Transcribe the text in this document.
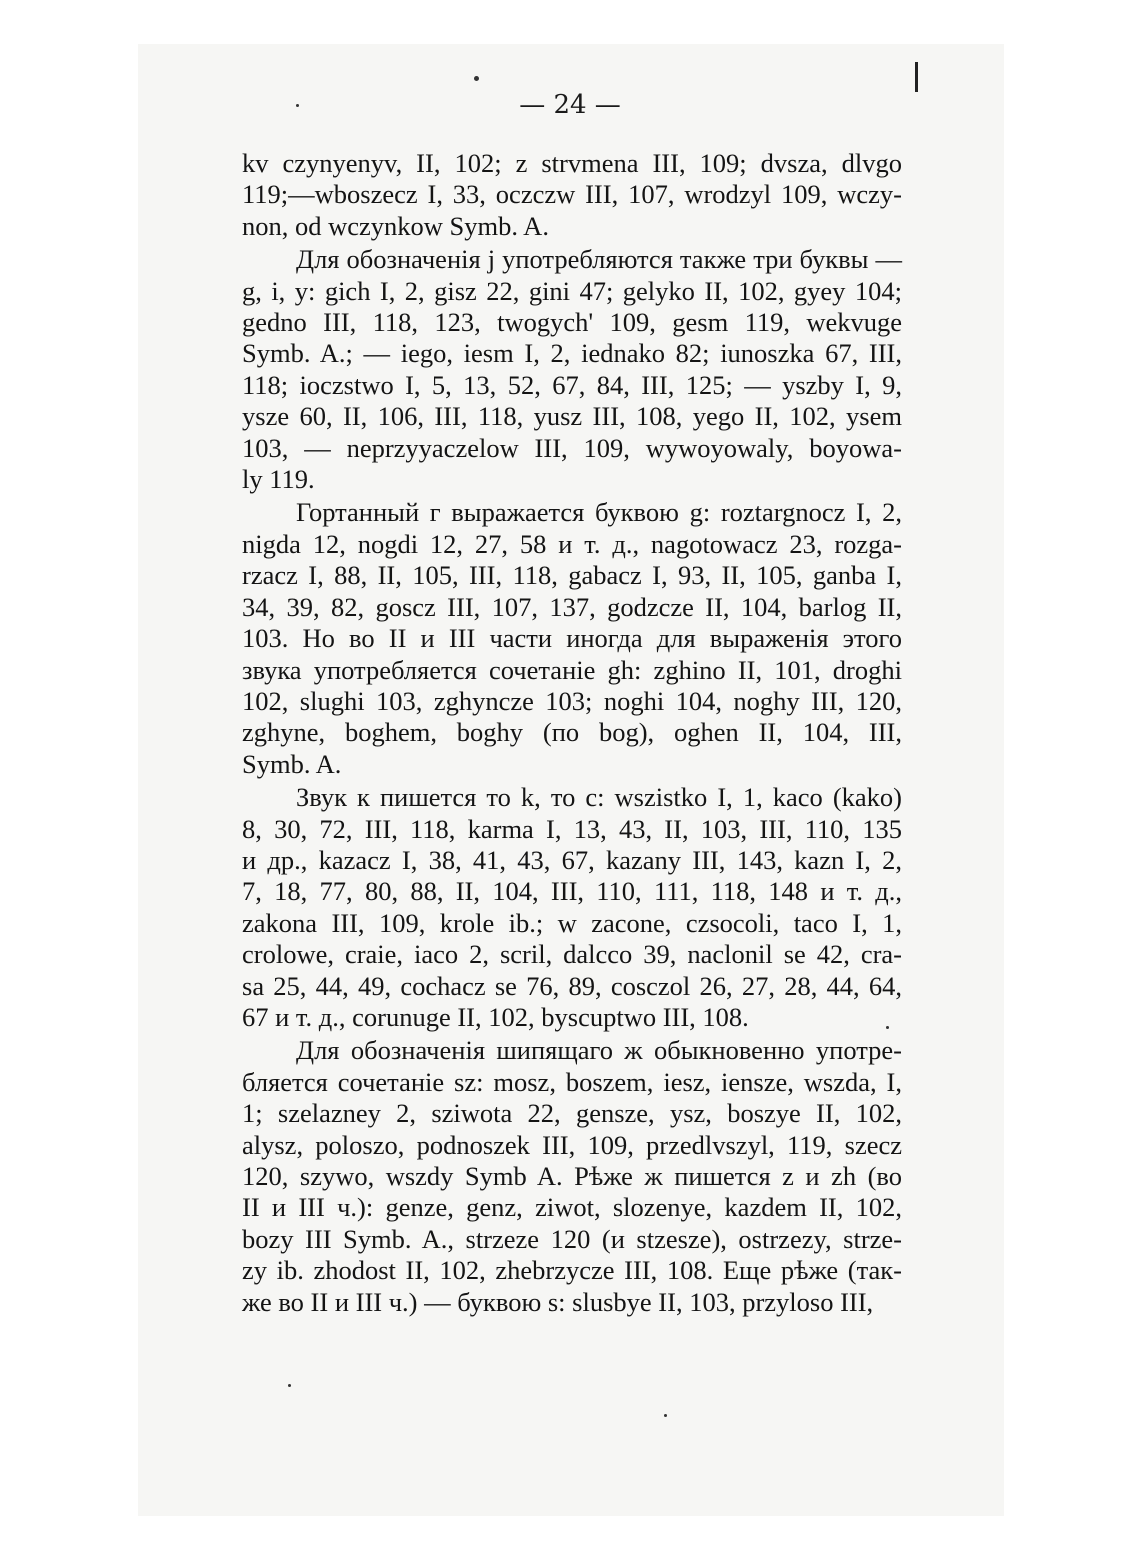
— 24 —
kv czynyenyv, II, 102; z strvmena III, 109; dvsza, dlvgo
119;—wboszecz I, 33, oczсzw III, 107, wrodzyl 109, wczy-
non, od wczynkow Symb. A.
Для обозначенія j употребляются также три буквы —
g, i, y: gich I, 2, gisz 22, gini 47; gelyko II, 102, gyey 104;
gedno III, 118, 123, twogych' 109, gesm 119, wekvuge
Symb. A.; — iego, iesm I, 2, iednako 82; iunoszka 67, III,
118; ioczstwo I, 5, 13, 52, 67, 84, III, 125; — yszby I, 9,
ysze 60, II, 106, III, 118, yusz III, 108, yego II, 102, ysem
103, — neprzyyaczelow III, 109, wywoyowaly, boyowa-
ly 119.
Гортанный г выражается буквою g: roztargnocz I, 2,
nigda 12, nogdi 12, 27, 58 и т. д., nagotowacz 23, rozga-
rzacz I, 88, II, 105, III, 118, gabacz I, 93, II, 105, ganba I,
34, 39, 82, goscz III, 107, 137, godzcze II, 104, barlog II,
103. Но во II и III части иногда для выраженія этого
звука употребляется сочетаніе gh: zghino II, 101, droghi
102, slughi 103, zghyncze 103; noghi 104, noghy III, 120,
zghyne, boghem, boghy (по bog), oghen II, 104, III,
Symb. A.
Звук к пишется то k, то c: wszistko I, 1, kaco (kako)
8, 30, 72, III, 118, karma I, 13, 43, II, 103, III, 110, 135
и др., kazacz I, 38, 41, 43, 67, kazany III, 143, kazn I, 2,
7, 18, 77, 80, 88, II, 104, III, 110, 111, 118, 148 и т. д.,
zakona III, 109, krole ib.; w zacone, czsocoli, taco I, 1,
crolowe, craie, iaco 2, scril, dalcco 39, naclonil se 42, cra-
sa 25, 44, 49, cochacz se 76, 89, cosczol 26, 27, 28, 44, 64,
67 и т. д., corunuge II, 102, byscuptwo III, 108.
Для обозначенія шипящаго ж обыкновенно употре-
бляется сочетаніе sz: mosz, boszem, iesz, iensze, wszda, I,
1; szelazney 2, sziwota 22, gensze, ysz, boszye II, 102,
alysz, poloszo, podnoszek III, 109, przedlvszyl, 119, szecz
120, szywo, wszdy Symb A. Рѣже ж пишется z и zh (во
II и III ч.): genze, genz, ziwot, slozenye, kazdem II, 102,
bozy III Symb. A., strzeze 120 (и stzesze), ostrzezy, strze-
zy ib. zhodost II, 102, zhebrzycze III, 108. Еще рѣже (так-
же во II и III ч.) — буквою s: slusbye II, 103, przyloso III,
